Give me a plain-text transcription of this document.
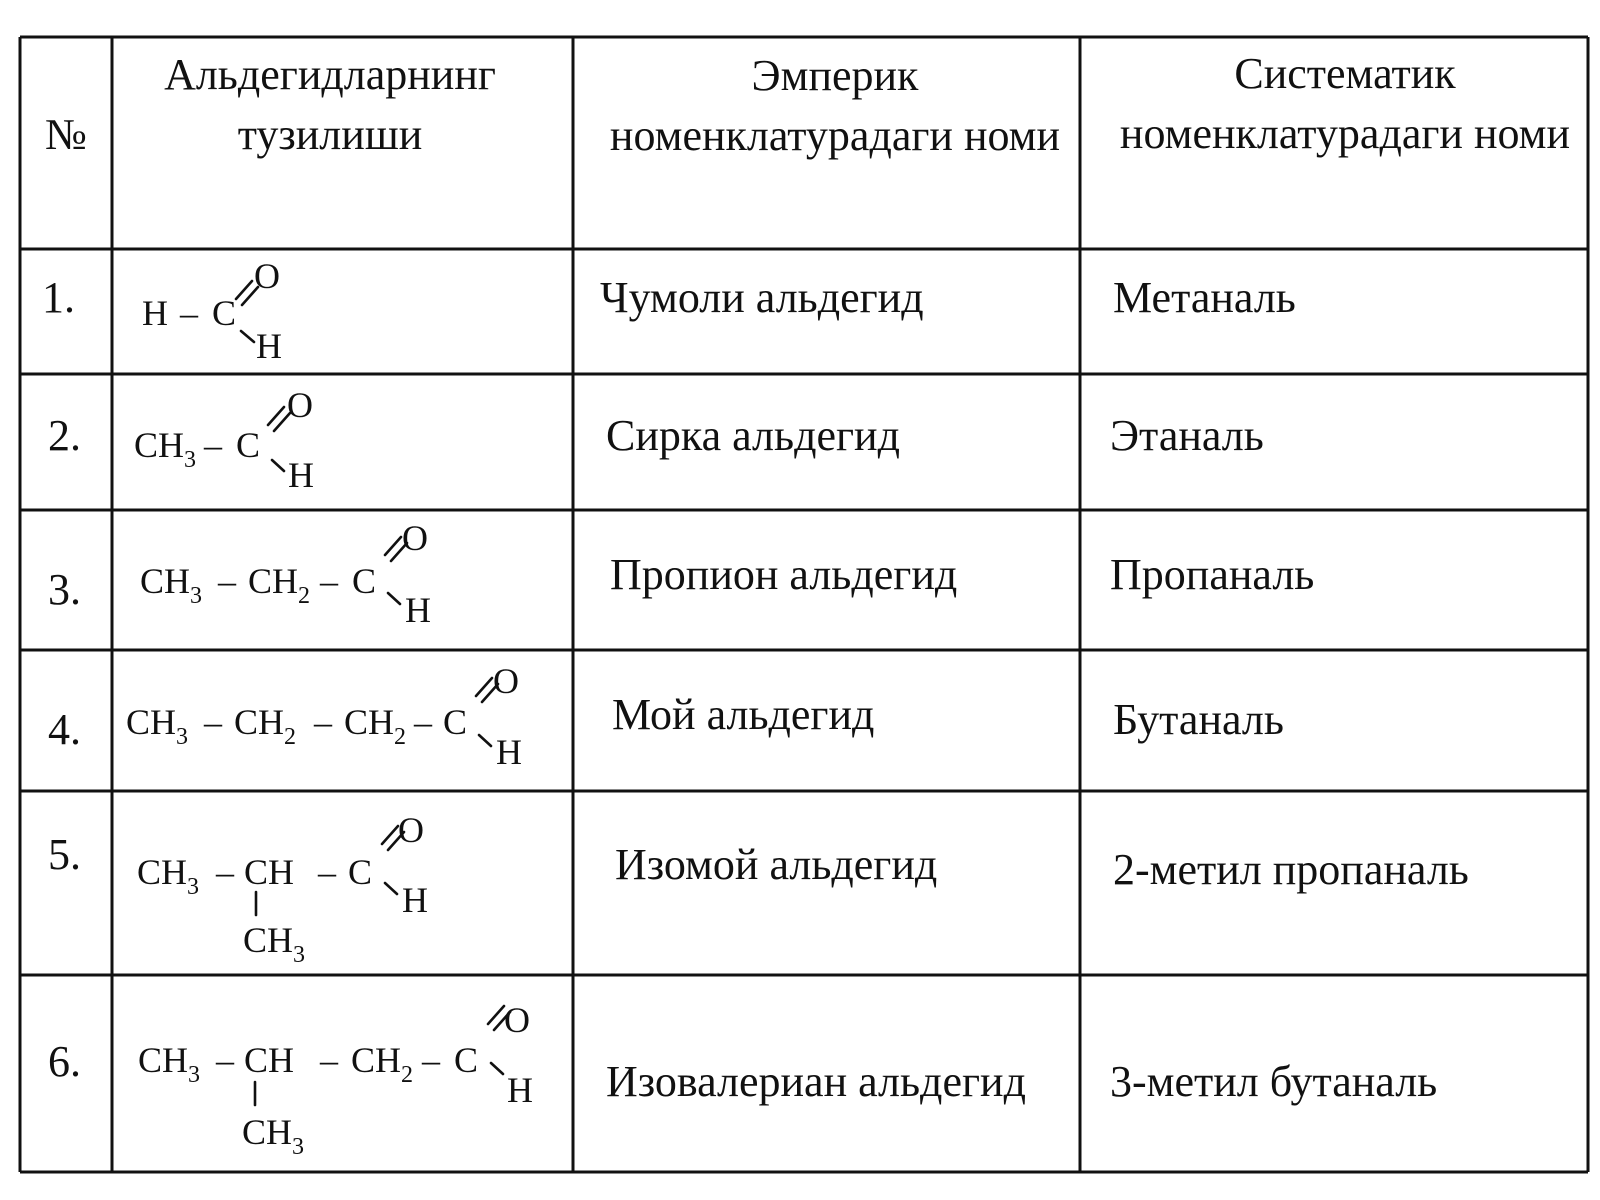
№
Альдегидларнинг тузилиши
Эмперик номенклатурадаги номи
Систематик номенклатурадаги номи
1.
2.
3.
4.
5.
6.
Чумоли альдегид
Сирка альдегид
Пропион альдегид
Мой альдегид
Изомой альдегид
Изовалериан альдегид
Метаналь
Этаналь
Пропаналь
Бутаналь
2-метил пропаналь
3-метил бутаналь
H – C
O
H
$CH_3$ – C
O
H
$CH_3 - CH_2$ – C
O
H
$CH_3 - CH_2 - CH_2$ – C
O
H
$CH_3$ – CH – C
O
H
$CH_3$
$CH_3$ – CH – $CH_2$ – C
O
H
$CH_3$
